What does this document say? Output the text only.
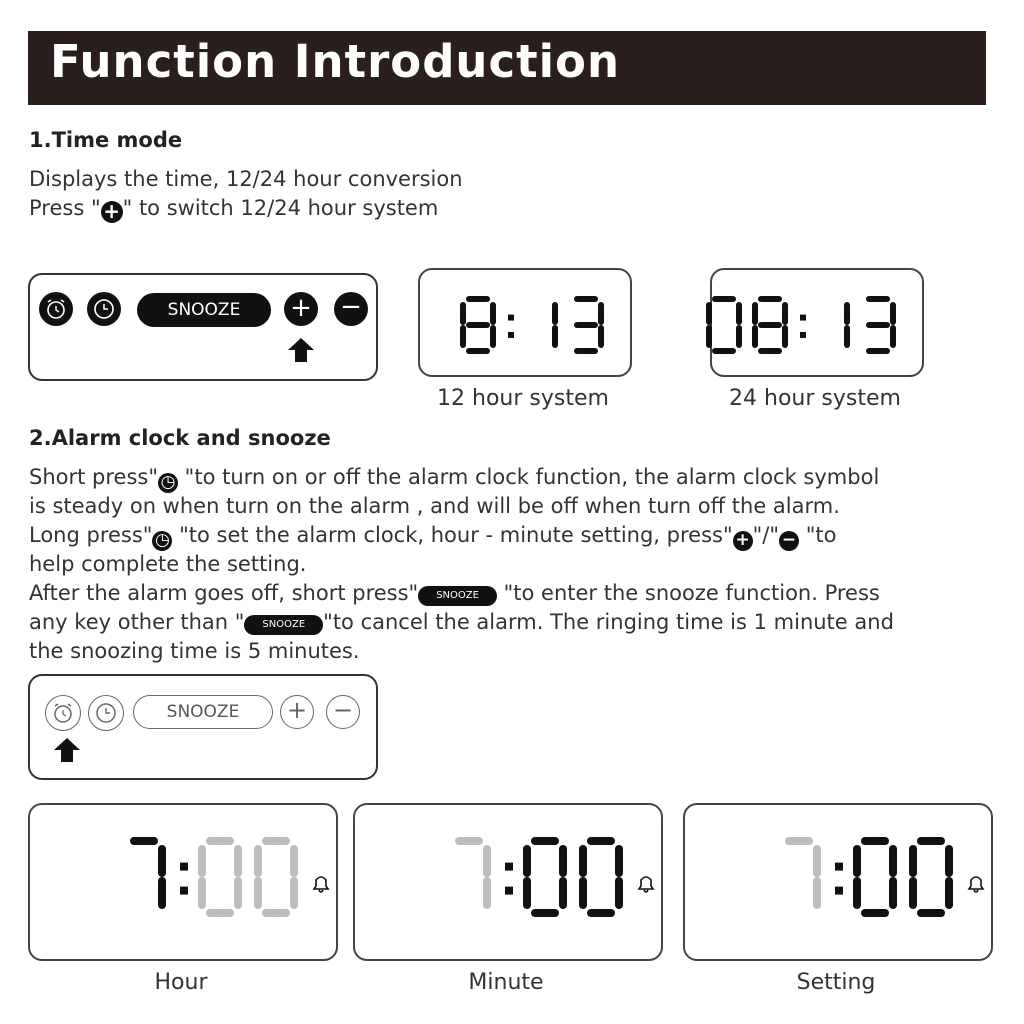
Function Introduction
1.Time mode
Displays the time, 12/24 hour conversion
Press " + " to switch 12/24 hour system
SNOOZE	+ −
12 hour system	24 hour system
2.Alarm clock and snooze
Short press" ◷ "to turn on or off the alarm clock function, the alarm clock symbol
is steady on when turn on the alarm , and will be off when turn off the alarm.
Long press" ◷ "to set the alarm clock, hour - minute setting, press" + "/" − "to
help complete the setting.
After the alarm goes off, short press" SNOOZE "to enter the snooze function. Press
any key other than " SNOOZE "to cancel the alarm. The ringing time is 1 minute and
the snoozing time is 5 minutes.
SNOOZE	+ −
Hour	Minute	Setting
